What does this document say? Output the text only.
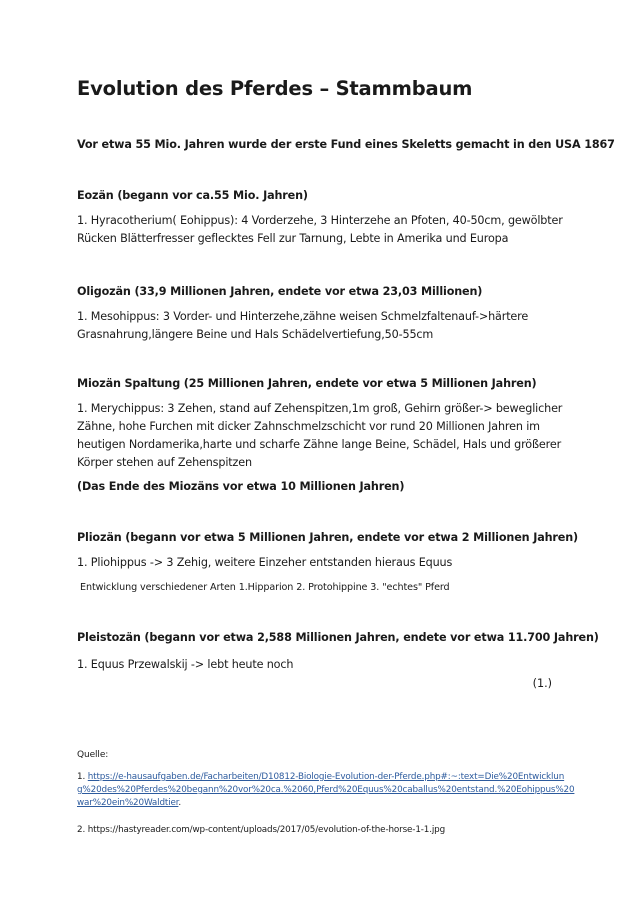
Evolution des Pferdes – Stammbaum

Vor etwa 55 Mio. Jahren wurde der erste Fund eines Skeletts gemacht in den USA 1867

Eozän (begann vor ca.55 Mio. Jahren)

1. Hyracotherium( Eohippus): 4 Vorderzehe, 3 Hinterzehe an Pfoten, 40-50cm, gewölbter Rücken Blätterfresser geflecktes Fell zur Tarnung, Lebte in Amerika und Europa

Oligozän (33,9 Millionen Jahren, endete vor etwa 23,03 Millionen)

1. Mesohippus: 3 Vorder- und Hinterzehe,zähne weisen Schmelzfaltenauf->härtere Grasnahrung,längere Beine und Hals Schädelvertiefung,50-55cm

Miozän Spaltung (25 Millionen Jahren, endete vor etwa 5 Millionen Jahren)

1. Merychippus: 3 Zehen, stand auf Zehenspitzen,1m groß, Gehirn größer-> beweglicher Zähne, hohe Furchen mit dicker Zahnschmelzschicht vor rund 20 Millionen Jahren im heutigen Nordamerika,harte und scharfe Zähne lange Beine, Schädel, Hals und größerer Körper stehen auf Zehenspitzen

(Das Ende des Miozäns vor etwa 10 Millionen Jahren)

Pliozän (begann vor etwa 5 Millionen Jahren, endete vor etwa 2 Millionen Jahren)

1. Pliohippus -> 3 Zehig, weitere Einzeher entstanden hieraus Equus

Entwicklung verschiedener Arten 1.Hipparion 2. Protohippine 3. "echtes" Pferd

Pleistozän (begann vor etwa 2,588 Millionen Jahren, endete vor etwa 11.700 Jahren)

1. Equus Przewalskij -> lebt heute noch

(1.)

Quelle:

1. https://e-hausaufgaben.de/Facharbeiten/D10812-Biologie-Evolution-der-Pferde.php#:~:text=Die%20Entwicklung%20des%20Pferdes%20begann%20vor%20ca.%2060,Pferd%20Equus%20caballus%20entstand.%20Eohippus%20war%20ein%20Waldtier.

2. https://hastyreader.com/wp-content/uploads/2017/05/evolution-of-the-horse-1-1.jpg
